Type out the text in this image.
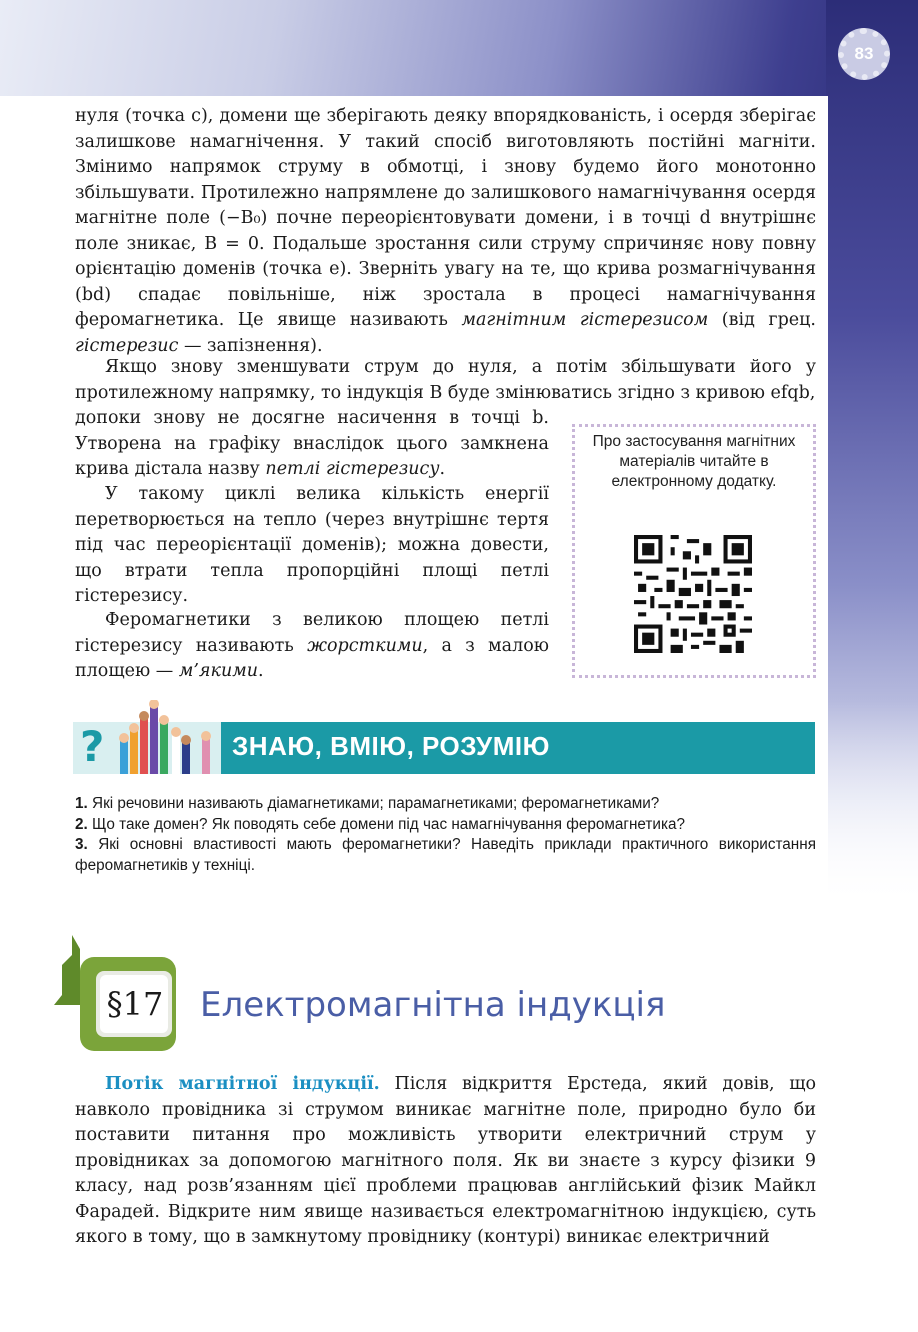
83

нуля (точка c), домени ще зберігають деяку впорядкованість, і осердя зберігає залишкове намагнічення. У такий спосіб виготовляють постійні магніти. Змінимо напрямок струму в обмотці, і знову будемо його монотонно збільшувати. Протилежно напрямлене до залишкового намагнічування осердя магнітне поле (−B₀) почне переорієнтовувати домени, і в точці d внутрішнє поле зникає, B = 0. Подальше зростання сили струму спричиняє нову повну орієнтацію доменів (точка e). Зверніть увагу на те, що крива розмагнічування (bd) спадає повільніше, ніж зростала в процесі намагнічування феромагнетика. Це явище називають магнітним гістерезисом (від грец. гістерезис — запізнення).

Якщо знову зменшувати струм до нуля, а потім збільшувати його у протилежному напрямку, то індукція B буде змінюватись згідно з кривою efqb,

допоки знову не досягне насичення в точці b. Утворена на графіку внаслідок цього замкнена крива дістала назву петлі гістерезису.

У такому циклі велика кількість енергії перетворюється на тепло (через внутрішнє тертя під час переорієнтації доменів); можна довести, що втрати тепла пропорційні площі петлі гістерезису.

Феромагнетики з великою площею петлі гістерезису називають жорсткими, а з малою площею — м’якими.

Про застосування магнітних матеріалів читайте в електронному додатку.
?	ЗНАЮ, ВМІЮ, РОЗУМІЮ
1. Які речовини називають діамагнетиками; парамагнетиками; феромагнетиками?
2. Що таке домен? Як поводять себе домени під час намагнічування феромагнетика?
3. Які основні властивості мають феромагнетики? Наведіть приклади практичного використання феромагнетиків у техніці.
§17 Електромагнітна індукція

Потік магнітної індукції. Після відкриття Ерстеда, який довів, що навколо провідника зі струмом виникає магнітне поле, природно було би поставити питання про можливість утворити електричний струм у провідниках за допомогою магнітного поля. Як ви знаєте з курсу фізики 9 класу, над розв’язанням цієї проблеми працював англійський фізик Майкл Фарадей. Відкрите ним явище називається електромагнітною індукцією, суть якого в тому, що в замкнутому провіднику (контурі) виникає електричний
